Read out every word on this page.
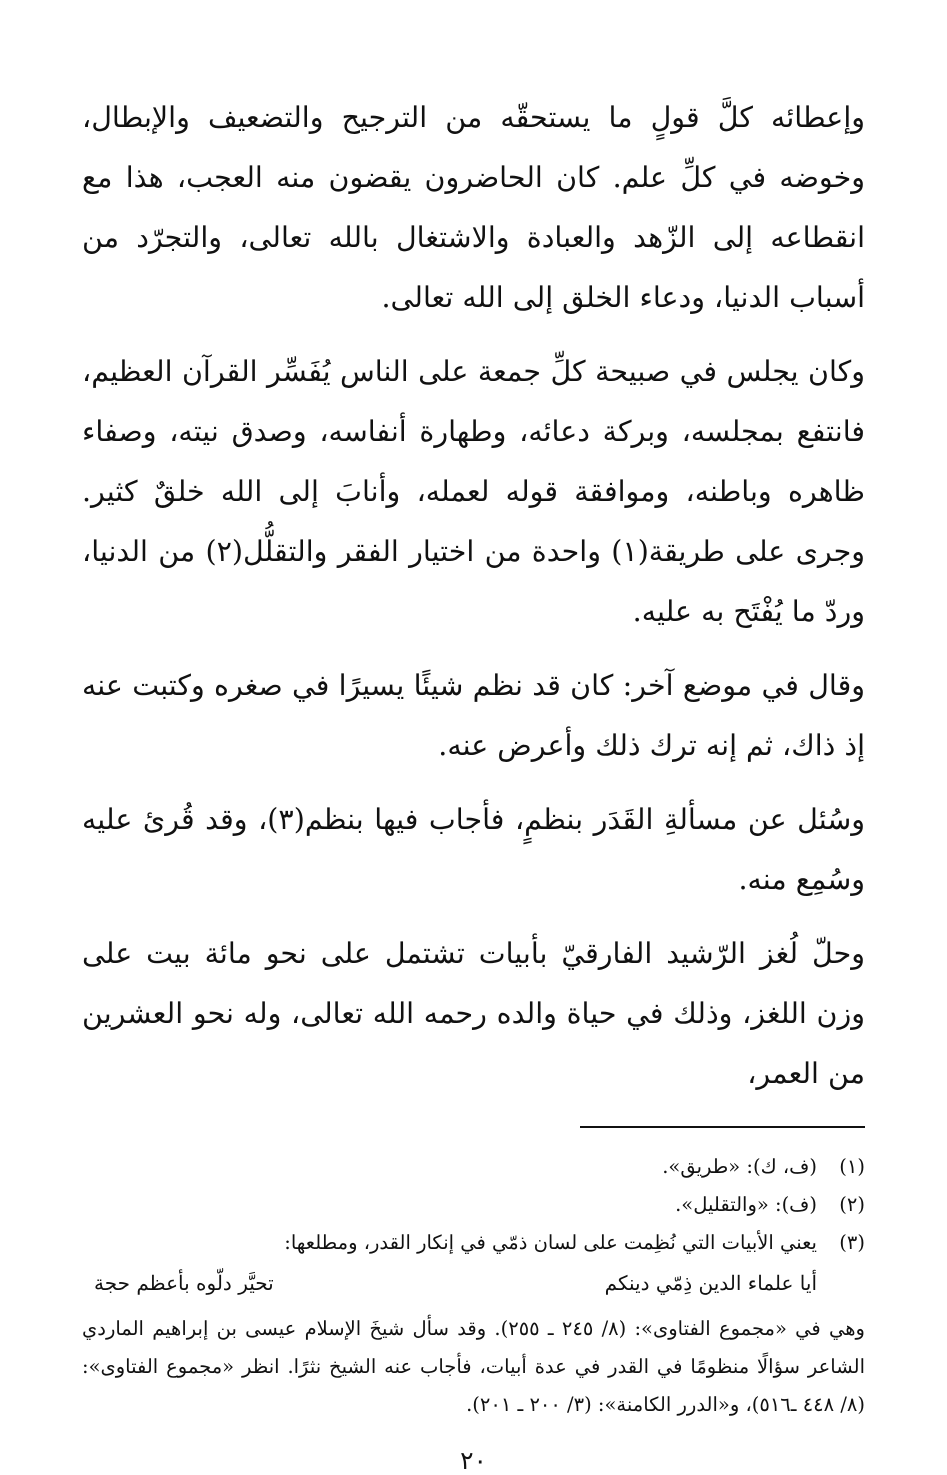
وإعطائه كلَّ قولٍ ما يستحقّه من الترجيح والتضعيف والإبطال، وخوضه في كلِّ علم. كان الحاضرون يقضون منه العجب، هذا مع انقطاعه إلى الزّهد والعبادة والاشتغال بالله تعالى، والتجرّد من أسباب الدنيا، ودعاء الخلق إلى الله تعالى.

وكان يجلس في صبيحة كلِّ جمعة على الناس يُفَسِّر القرآن العظيم، فانتفع بمجلسه، وبركة دعائه، وطهارة أنفاسه، وصدق نيته، وصفاء ظاهره وباطنه، وموافقة قوله لعمله، وأنابَ إلى الله خلقٌ كثير. وجرى على طريقة(١) واحدة من اختيار الفقر والتقلُّل(٢) من الدنيا، وردّ ما يُفْتَح به عليه.

وقال في موضع آخر: كان قد نظم شيئًا يسيرًا في صغره وكتبت عنه إذ ذاك، ثم إنه ترك ذلك وأعرض عنه.

وسُئل عن مسألةِ القَدَر بنظمٍ، فأجاب فيها بنظم(٣)، وقد قُرئ عليه وسُمِع منه.

وحلّ لُغز الرّشيد الفارقيّ بأبيات تشتمل على نحو مائة بيت على وزن اللغز، وذلك في حياة والده رحمه الله تعالى، وله نحو العشرين من العمر،

(١)
(ف، ك): «طريق».
(٢)
(ف): «والتقليل».
(٣)
يعني الأبيات التي نُظِمت على لسان ذمّي في إنكار القدر، ومطلعها:
أيا علماء الدين ذِمّي دينكم
تحيَّر دلّوه بأعظم حجة
وهي في «مجموع الفتاوى»: (٨/ ٢٤٥ ـ ٢٥٥). وقد سأل شيخَ الإسلام عيسى بن إبراهيم الماردي الشاعر سؤالًا منظومًا في القدر في عدة أبيات، فأجاب عنه الشيخ نثرًا. انظر «مجموع الفتاوى»: (٨/ ٤٤٨ ـ٥١٦)، و«الدرر الكامنة»: (٣/ ٢٠٠ ـ ٢٠١).
٢٠
